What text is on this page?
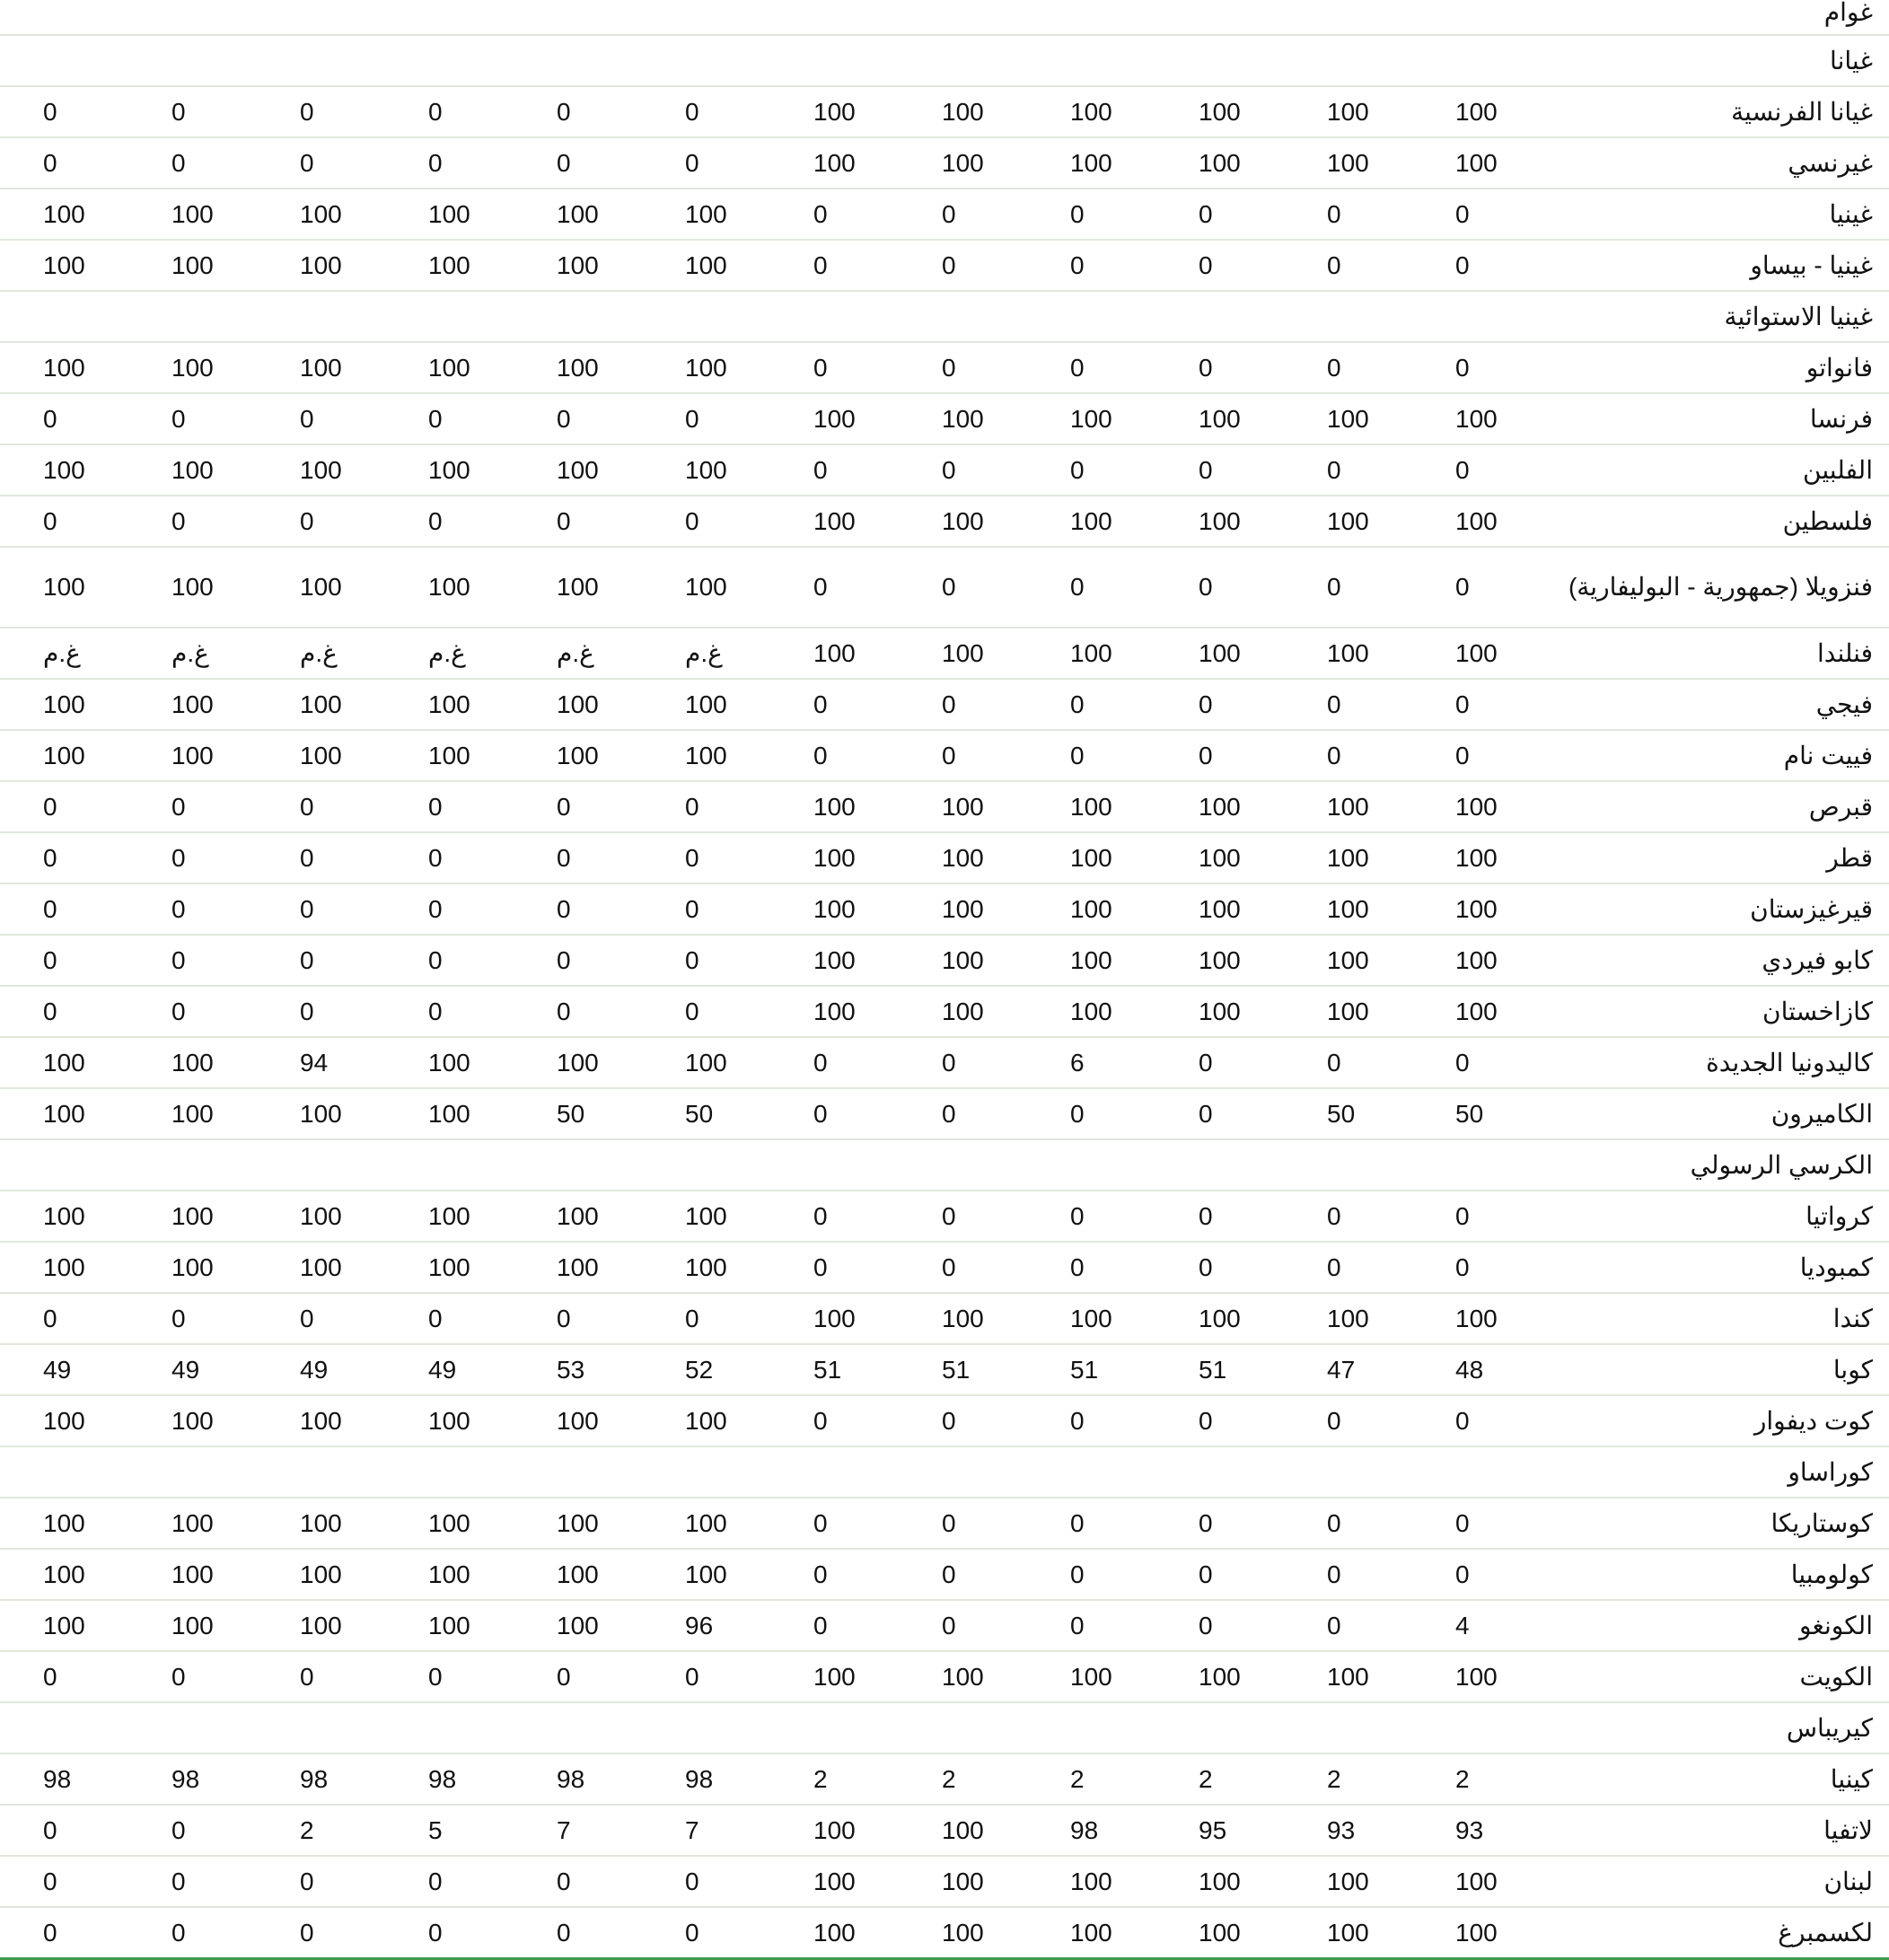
												غوام
												غيانا
0	0	0	0	0	0	100	100	100	100	100	100	غيانا الفرنسية
0	0	0	0	0	0	100	100	100	100	100	100	غيرنسي
100	100	100	100	100	100	0	0	0	0	0	0	غينيا
100	100	100	100	100	100	0	0	0	0	0	0	غينيا - بيساو
												غينيا الاستوائية
100	100	100	100	100	100	0	0	0	0	0	0	فانواتو
0	0	0	0	0	0	100	100	100	100	100	100	فرنسا
100	100	100	100	100	100	0	0	0	0	0	0	الفلبين
0	0	0	0	0	0	100	100	100	100	100	100	فلسطين
100	100	100	100	100	100	0	0	0	0	0	0	فنزويلا (جمهورية - البوليفارية)
غ.م	غ.م	غ.م	غ.م	غ.م	غ.م	100	100	100	100	100	100	فنلندا
100	100	100	100	100	100	0	0	0	0	0	0	فيجي
100	100	100	100	100	100	0	0	0	0	0	0	فييت نام
0	0	0	0	0	0	100	100	100	100	100	100	قبرص
0	0	0	0	0	0	100	100	100	100	100	100	قطر
0	0	0	0	0	0	100	100	100	100	100	100	قيرغيزستان
0	0	0	0	0	0	100	100	100	100	100	100	كابو فيردي
0	0	0	0	0	0	100	100	100	100	100	100	كازاخستان
100	100	94	100	100	100	0	0	6	0	0	0	كاليدونيا الجديدة
100	100	100	100	50	50	0	0	0	0	50	50	الكاميرون
												الكرسي الرسولي
100	100	100	100	100	100	0	0	0	0	0	0	كرواتيا
100	100	100	100	100	100	0	0	0	0	0	0	كمبوديا
0	0	0	0	0	0	100	100	100	100	100	100	كندا
49	49	49	49	53	52	51	51	51	51	47	48	كوبا
100	100	100	100	100	100	0	0	0	0	0	0	كوت ديفوار
												كوراساو
100	100	100	100	100	100	0	0	0	0	0	0	كوستاريكا
100	100	100	100	100	100	0	0	0	0	0	0	كولومبيا
100	100	100	100	100	96	0	0	0	0	0	4	الكونغو
0	0	0	0	0	0	100	100	100	100	100	100	الكويت
												كيريباس
98	98	98	98	98	98	2	2	2	2	2	2	كينيا
0	0	2	5	7	7	100	100	98	95	93	93	لاتفيا
0	0	0	0	0	0	100	100	100	100	100	100	لبنان
0	0	0	0	0	0	100	100	100	100	100	100	لكسمبرغ
